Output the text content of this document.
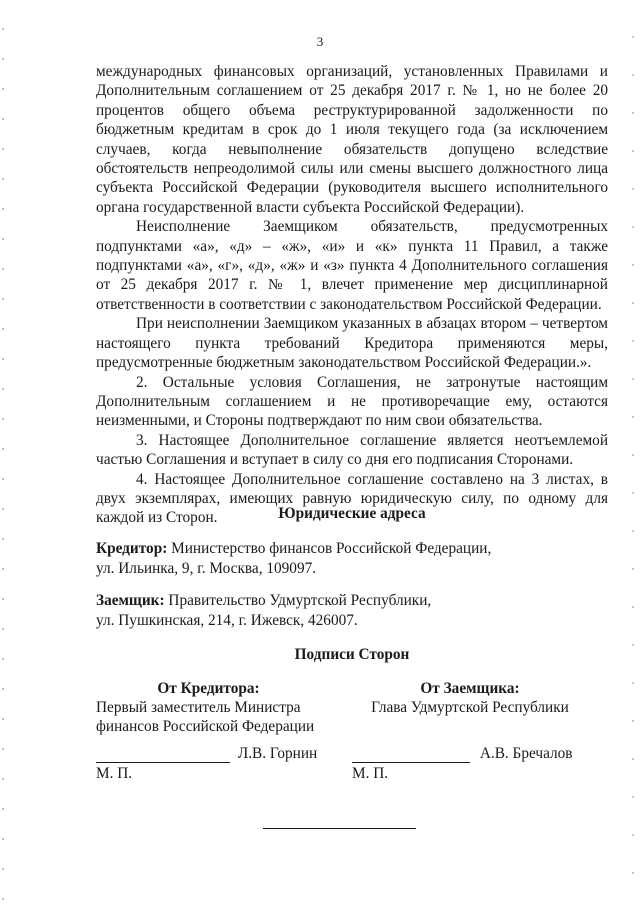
3

международных финансовых организаций, установленных Правилами и Дополнительным соглашением от 25 декабря 2017 г. № 1, но не более 20 процентов общего объема реструктурированной задолженности по бюджетным кредитам в срок до 1 июля текущего года (за исключением случаев, когда невыполнение обязательств допущено вследствие обстоятельств непреодолимой силы или смены высшего должностного лица субъекта Российской Федерации (руководителя высшего исполнительного органа государственной власти субъекта Российской Федерации).

Неисполнение Заемщиком обязательств, предусмотренных подпунктами «а», «д» – «ж», «и» и «к» пункта 11 Правил, а также подпунктами «а», «г», «д», «ж» и «з» пункта 4 Дополнительного соглашения от 25 декабря 2017 г. № 1, влечет применение мер дисциплинарной ответственности в соответствии с законодательством Российской Федерации.

При неисполнении Заемщиком указанных в абзацах втором – четвертом настоящего пункта требований Кредитора применяются меры, предусмотренные бюджетным законодательством Российской Федерации.».

2. Остальные условия Соглашения, не затронутые настоящим Дополнительным соглашением и не противоречащие ему, остаются неизменными, и Стороны подтверждают по ним свои обязательства.

3. Настоящее Дополнительное соглашение является неотъемлемой частью Соглашения и вступает в силу со дня его подписания Сторонами.

4. Настоящее Дополнительное соглашение составлено на 3 листах, в двух экземплярах, имеющих равную юридическую силу, по одному для каждой из Сторон.	Юридические адреса
Кредитор: Министерство финансов Российской Федерации,
ул. Ильинка, 9, г. Москва, 109097.
Заемщик: Правительство Удмуртской Республики,
ул. Пушкинская, 214, г. Ижевск, 426007.
Подписи Сторон
От Кредитора:
Первый заместитель Министра финансов Российской Федерации
От Заемщика:
Глава Удмуртской Республики
Л.В. Горнин
М. П.
А.В. Бречалов
М. П.
